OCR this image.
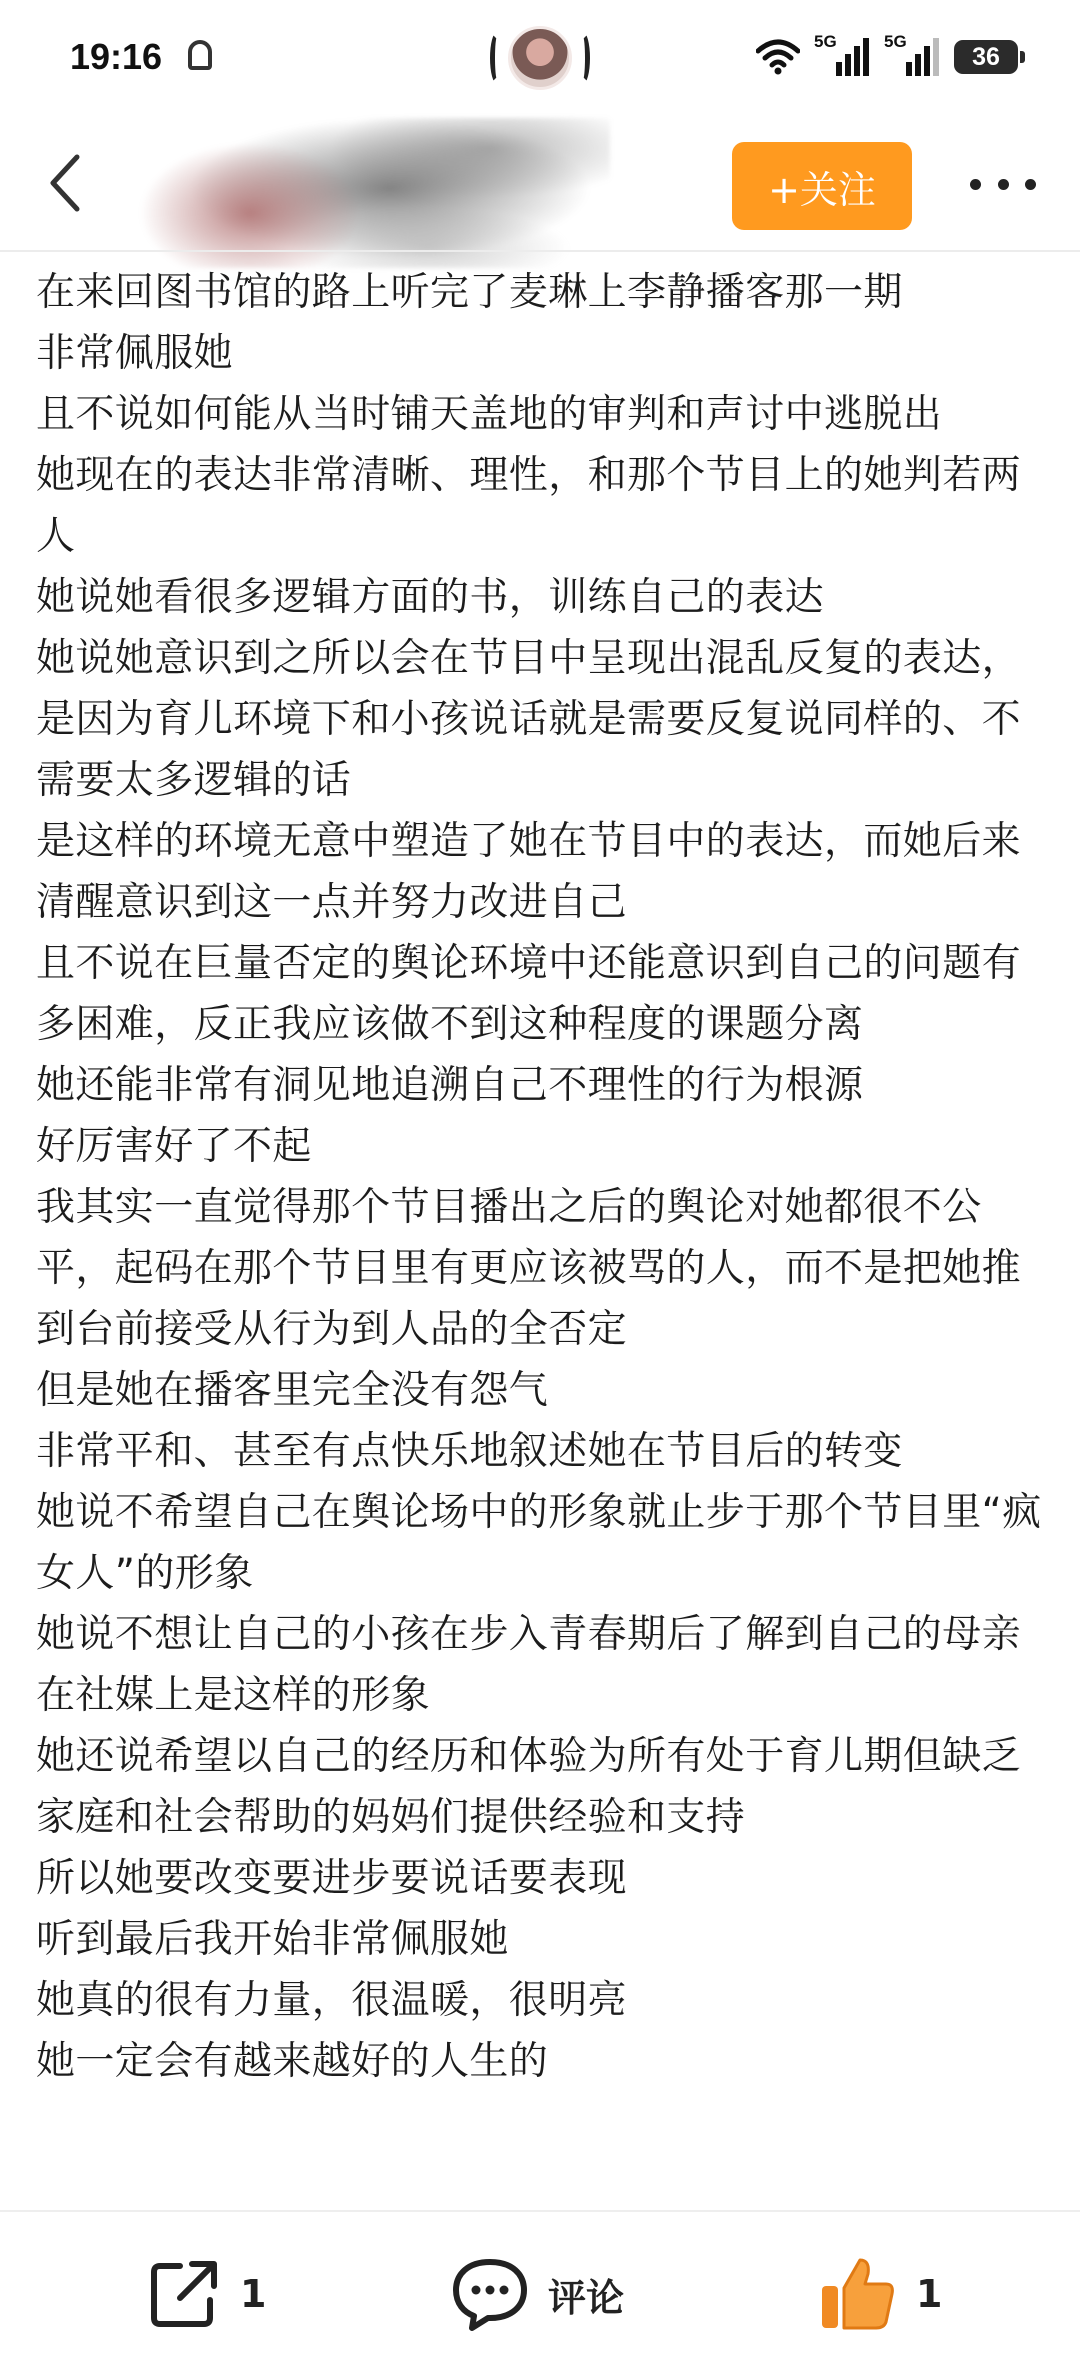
19:16	5G	5G
36
+关注

在来回图书馆的路上听完了麦琳上李静播客那一期

非常佩服她

且不说如何能从当时铺天盖地的审判和声讨中逃脱出

她现在的表达非常清晰、理性，和那个节目上的她判若两人

她说她看很多逻辑方面的书，训练自己的表达

她说她意识到之所以会在节目中呈现出混乱反复的表达，是因为育儿环境下和小孩说话就是需要反复说同样的、不需要太多逻辑的话

是这样的环境无意中塑造了她在节目中的表达，而她后来清醒意识到这一点并努力改进自己

且不说在巨量否定的舆论环境中还能意识到自己的问题有多困难，反正我应该做不到这种程度的课题分离

她还能非常有洞见地追溯自己不理性的行为根源

好厉害好了不起

我其实一直觉得那个节目播出之后的舆论对她都很不公平，起码在那个节目里有更应该被骂的人，而不是把她推到台前接受从行为到人品的全否定

但是她在播客里完全没有怨气

非常平和、甚至有点快乐地叙述她在节目后的转变

她说不希望自己在舆论场中的形象就止步于那个节目里“疯女人”的形象

她说不想让自己的小孩在步入青春期后了解到自己的母亲在社媒上是这样的形象

她还说希望以自己的经历和体验为所有处于育儿期但缺乏家庭和社会帮助的妈妈们提供经验和支持

所以她要改变要进步要说话要表现

听到最后我开始非常佩服她

她真的很有力量，很温暖，很明亮

她一定会有越来越好的人生的

1	评论	1
